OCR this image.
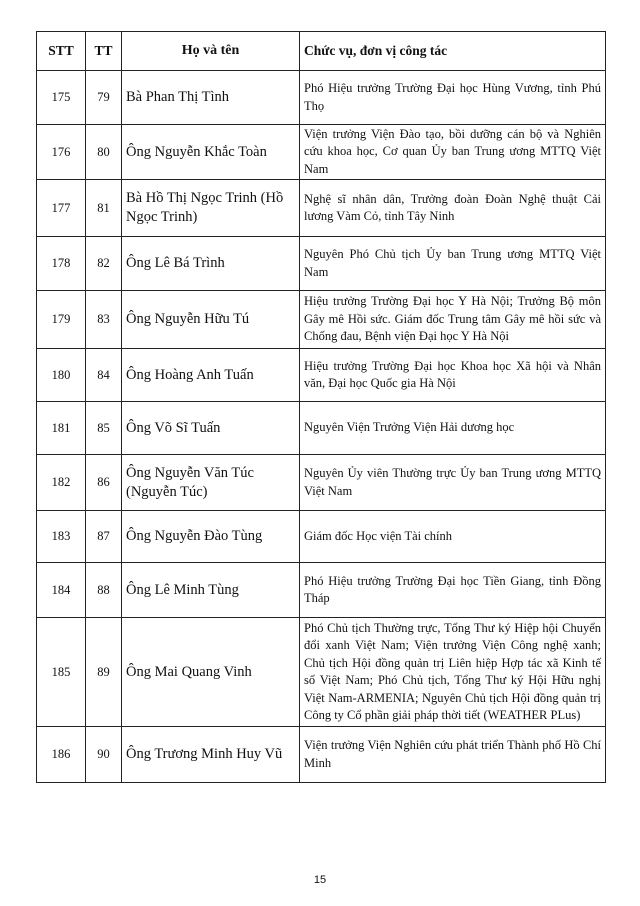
STT	TT	Họ và tên	Chức vụ, đơn vị công tác
175	79	Bà Phan Thị Tình	Phó Hiệu trưởng Trường Đại học Hùng Vương, tỉnh Phú Thọ
176	80	Ông Nguyễn Khắc Toàn	Viện trưởng Viện Đào tạo, bồi dưỡng cán bộ và Nghiên cứu khoa học, Cơ quan Ủy ban Trung ương MTTQ Việt Nam
177	81	Bà Hồ Thị Ngọc Trinh (Hồ Ngọc Trinh)	Nghệ sĩ nhân dân, Trưởng đoàn Đoàn Nghệ thuật Cải lương Vàm Cỏ, tỉnh Tây Ninh
178	82	Ông Lê Bá Trình	Nguyên Phó Chủ tịch Ủy ban Trung ương MTTQ Việt Nam
179	83	Ông Nguyễn Hữu Tú	Hiệu trưởng Trường Đại học Y Hà Nội; Trưởng Bộ môn Gây mê Hồi sức. Giám đốc Trung tâm Gây mê hồi sức và Chống đau, Bệnh viện Đại học Y Hà Nội
180	84	Ông Hoàng Anh Tuấn	Hiệu trưởng Trường Đại học Khoa học Xã hội và Nhân văn, Đại học Quốc gia Hà Nội
181	85	Ông Võ Sĩ Tuấn	Nguyên Viện Trưởng Viện Hải dương học
182	86	Ông Nguyễn Văn Túc (Nguyễn Túc)	Nguyên Ủy viên Thường trực Ủy ban Trung ương MTTQ Việt Nam
183	87	Ông Nguyễn Đào Tùng	Giám đốc Học viện Tài chính
184	88	Ông Lê Minh Tùng	Phó Hiệu trưởng Trường Đại học Tiền Giang, tỉnh Đồng Tháp
185	89	Ông Mai Quang Vinh	Phó Chủ tịch Thường trực, Tổng Thư ký Hiệp hội Chuyển đổi xanh Việt Nam; Viện trưởng Viện Công nghệ xanh; Chủ tịch Hội đồng quản trị Liên hiệp Hợp tác xã Kinh tế số Việt Nam; Phó Chủ tịch, Tổng Thư ký Hội Hữu nghị Việt Nam-ARMENIA; Nguyên Chủ tịch Hội đồng quản trị Công ty Cổ phần giải pháp thời tiết (WEATHER PLus)
186	90	Ông Trương Minh Huy Vũ	Viện trưởng Viện Nghiên cứu phát triển Thành phố Hồ Chí Minh
15
